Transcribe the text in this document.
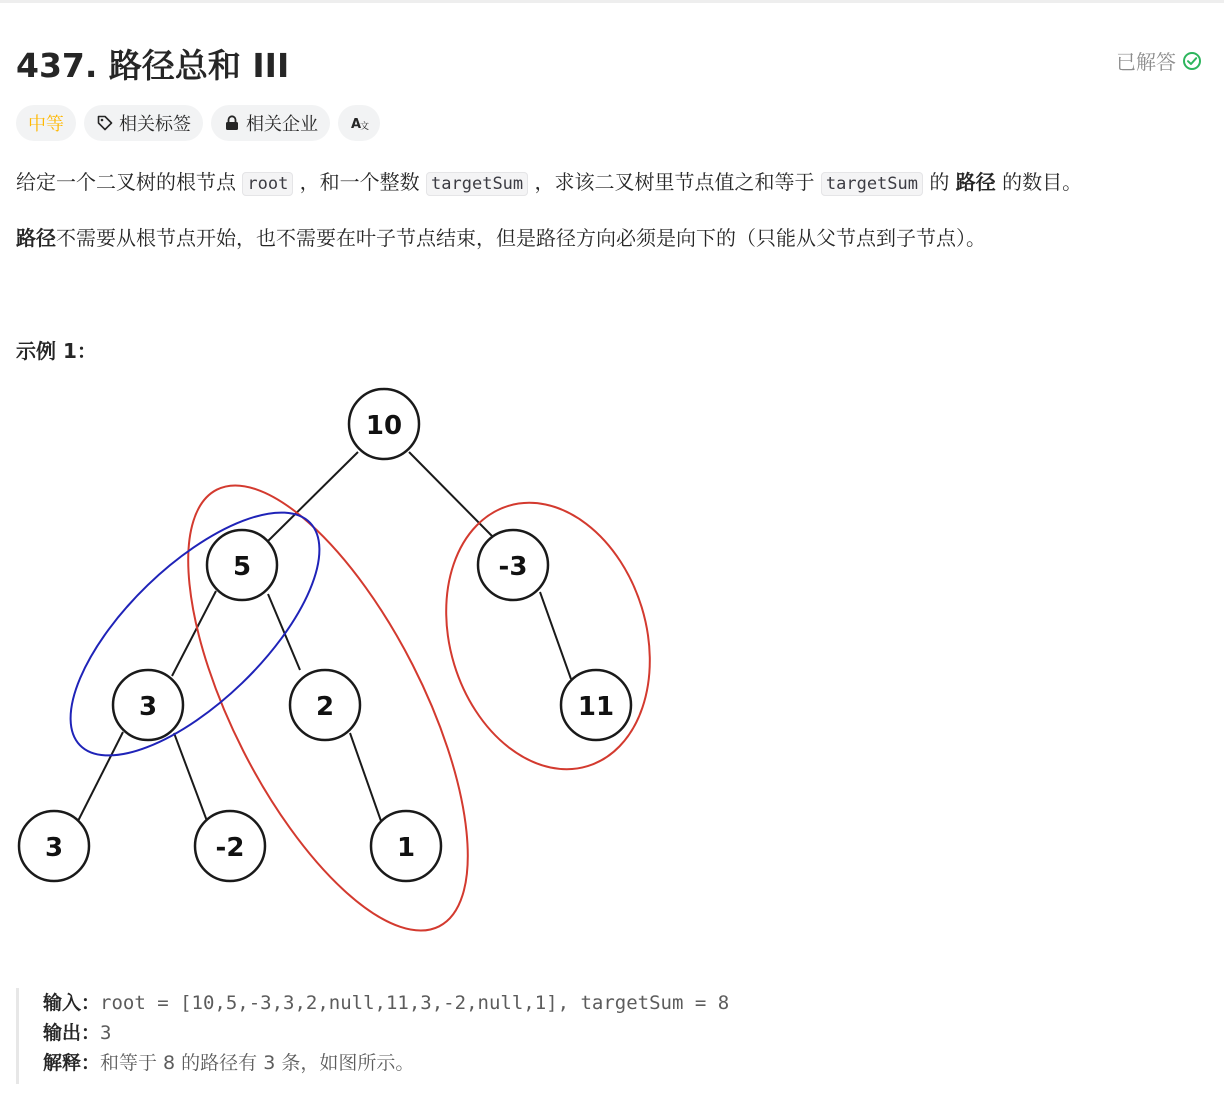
437. 路径总和 III	已解答
中等	相关标签	相关企业	A
文
给定一个二叉树的根节点 root ，和一个整数 targetSum ，求该二叉树里节点值之和等于 targetSum 的 路径 的数目。
路径不需要从根节点开始，也不需要在叶子节点结束，但是路径方向必须是向下的（只能从父节点到子节点）。
示例 1：
10
5	-3
3	2	11
3	-2	1
输入：root = [10,5,-3,3,2,null,11,3,-2,null,1], targetSum = 8
输出：3
解释：和等于 8 的路径有 3 条，如图所示。
